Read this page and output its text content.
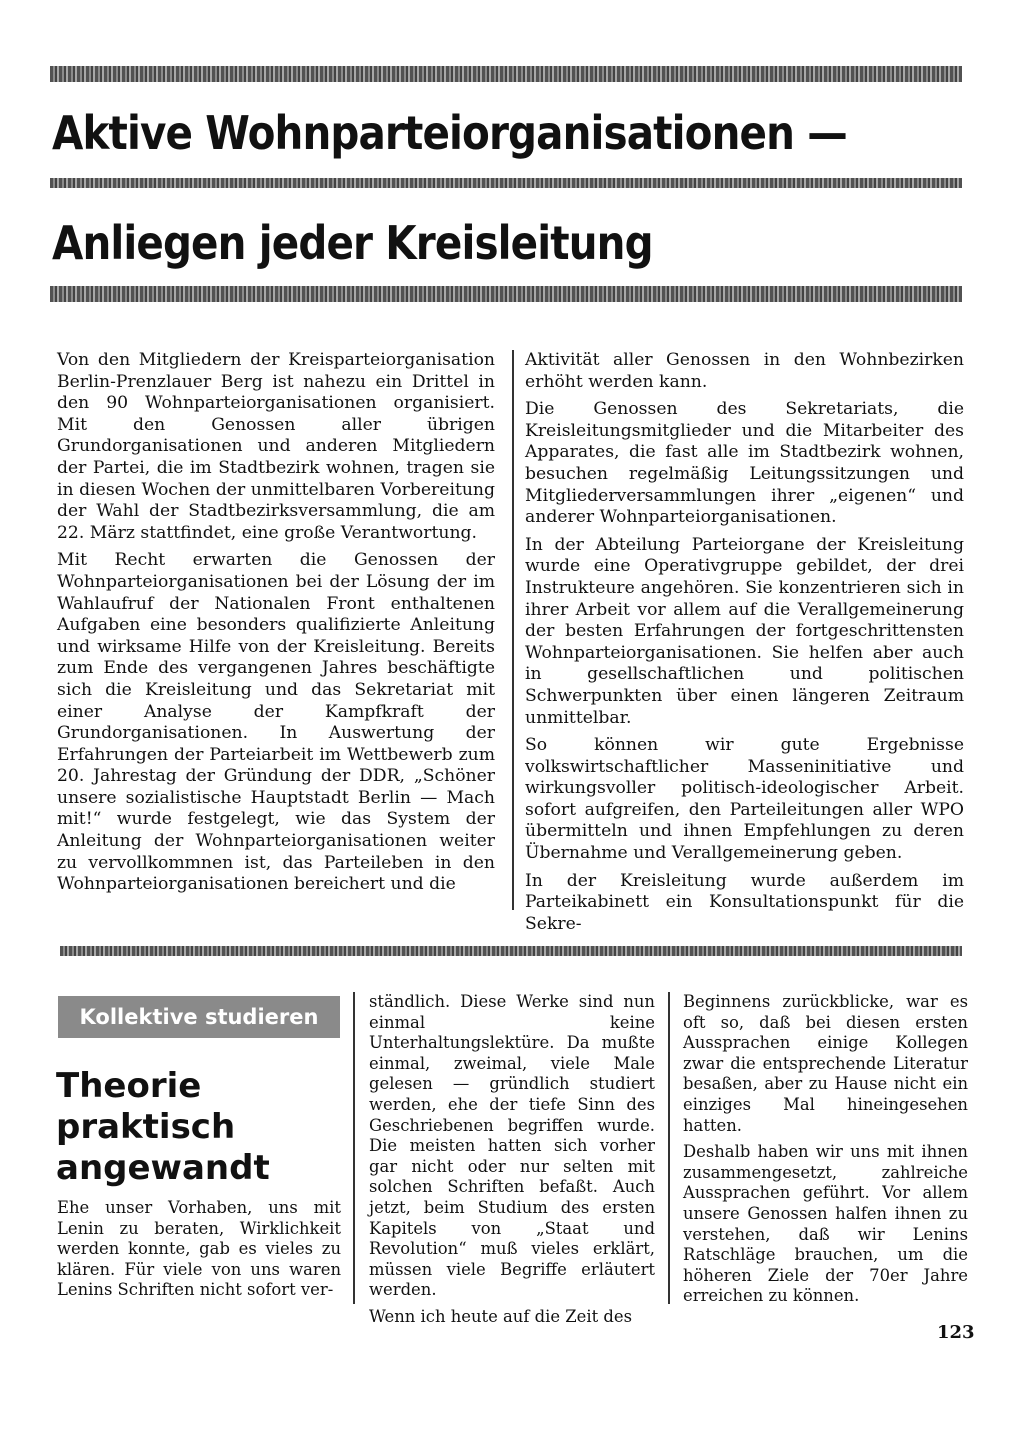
Aktive Wohnparteiorganisationen —
Anliegen jeder Kreisleitung

Von den Mitgliedern der Kreisparteiorganisation Berlin-Prenzlauer Berg ist nahezu ein Drittel in den 90 Wohnparteiorganisationen organisiert. Mit den Genossen aller übrigen Grundorganisationen und anderen Mitgliedern der Partei, die im Stadtbezirk wohnen, tragen sie in diesen Wochen der unmittelbaren Vorbereitung der Wahl der Stadtbezirksversammlung, die am 22. März stattfindet, eine große Verantwortung.

Mit Recht erwarten die Genossen der Wohnparteiorganisationen bei der Lösung der im Wahlaufruf der Nationalen Front enthaltenen Aufgaben eine besonders qualifizierte Anleitung und wirksame Hilfe von der Kreisleitung. Bereits zum Ende des vergangenen Jahres beschäftigte sich die Kreisleitung und das Sekretariat mit einer Analyse der Kampfkraft der Grundorganisationen. In Auswertung der Erfahrungen der Parteiarbeit im Wettbewerb zum 20. Jahrestag der Gründung der DDR, „Schöner unsere sozialistische Hauptstadt Berlin — Mach mit!“ wurde festgelegt, wie das System der Anleitung der Wohnparteiorganisationen weiter zu vervollkommnen ist, das Parteileben in den Wohnparteiorganisationen bereichert und die

Aktivität aller Genossen in den Wohnbezirken erhöht werden kann.

Die Genossen des Sekretariats, die Kreisleitungsmitglieder und die Mitarbeiter des Apparates, die fast alle im Stadtbezirk wohnen, besuchen regelmäßig Leitungssitzungen und Mitgliederversammlungen ihrer „eigenen“ und anderer Wohnparteiorganisationen.

In der Abteilung Parteiorgane der Kreisleitung wurde eine Operativgruppe gebildet, der drei Instrukteure angehören. Sie konzentrieren sich in ihrer Arbeit vor allem auf die Verallgemeinerung der besten Erfahrungen der fortgeschrittensten Wohnparteiorganisationen. Sie helfen aber auch in gesellschaftlichen und politischen Schwerpunkten über einen längeren Zeitraum unmittelbar.

So können wir gute Ergebnisse volkswirtschaftlicher Masseninitiative und wirkungsvoller politisch-ideologischer Arbeit. sofort aufgreifen, den Parteileitungen aller WPO übermitteln und ihnen Empfehlungen zu deren Übernahme und Verallgemeinerung geben.

In der Kreisleitung wurde außerdem im Parteikabinett ein Konsultationspunkt für die Sekre-

Kollektive studieren Lenin
Theorie
praktisch
angewandt

Ehe unser Vorhaben, uns mit Lenin zu beraten, Wirklichkeit werden konnte, gab es vieles zu klären. Für viele von uns waren Lenins Schriften nicht sofort ver-

ständlich. Diese Werke sind nun einmal keine Unterhaltungslektüre. Da mußte einmal, zweimal, viele Male gelesen — gründlich studiert werden, ehe der tiefe Sinn des Geschriebenen begriffen wurde. Die meisten hatten sich vorher gar nicht oder nur selten mit solchen Schriften befaßt. Auch jetzt, beim Studium des ersten Kapitels von „Staat und Revolution“ muß vieles erklärt, müssen viele Begriffe erläutert werden.

Wenn ich heute auf die Zeit des

Beginnens zurückblicke, war es oft so, daß bei diesen ersten Aussprachen einige Kollegen zwar die entsprechende Literatur besaßen, aber zu Hause nicht ein einziges Mal hineingesehen hatten.

Deshalb haben wir uns mit ihnen zusammengesetzt, zahlreiche Aussprachen geführt. Vor allem unsere Genossen halfen ihnen zu verstehen, daß wir Lenins Ratschläge brauchen, um die höheren Ziele der 70er Jahre erreichen zu können.

123
